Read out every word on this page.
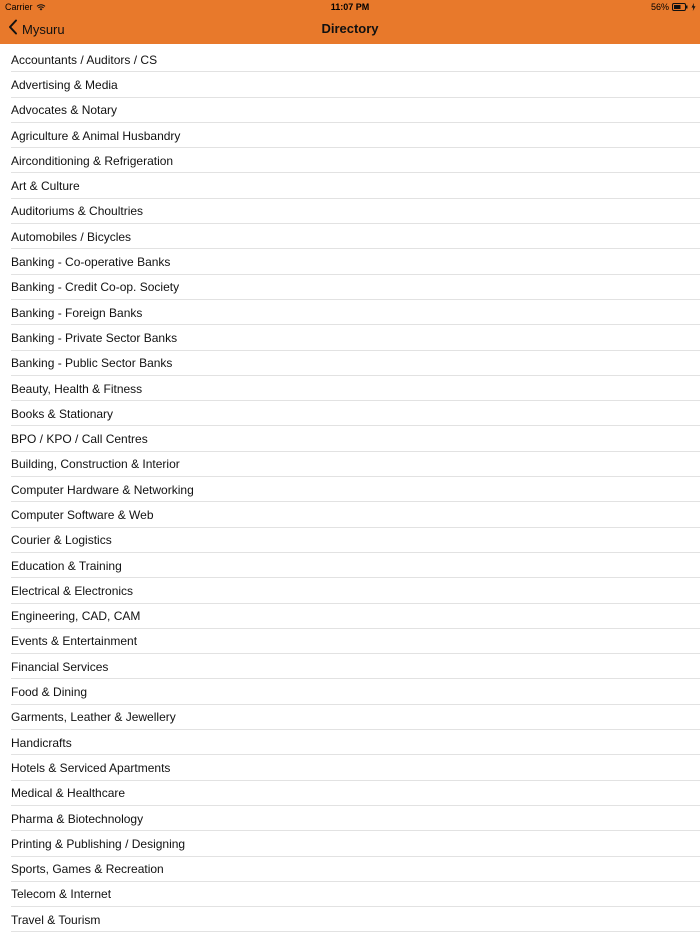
Carrier	11:07 PM	56%
Mysuru	Directory
Accountants / Auditors / CS
Advertising & Media
Advocates & Notary
Agriculture & Animal Husbandry
Airconditioning & Refrigeration
Art & Culture
Auditoriums & Choultries
Automobiles / Bicycles
Banking - Co-operative Banks
Banking - Credit Co-op. Society
Banking - Foreign Banks
Banking - Private Sector Banks
Banking - Public Sector Banks
Beauty, Health & Fitness
Books & Stationary
BPO / KPO / Call Centres
Building, Construction & Interior
Computer Hardware & Networking
Computer Software & Web
Courier & Logistics
Education & Training
Electrical & Electronics
Engineering, CAD, CAM
Events & Entertainment
Financial Services
Food & Dining
Garments, Leather & Jewellery
Handicrafts
Hotels & Serviced Apartments
Medical & Healthcare
Pharma & Biotechnology
Printing & Publishing / Designing
Sports, Games & Recreation
Telecom & Internet
Travel & Tourism
